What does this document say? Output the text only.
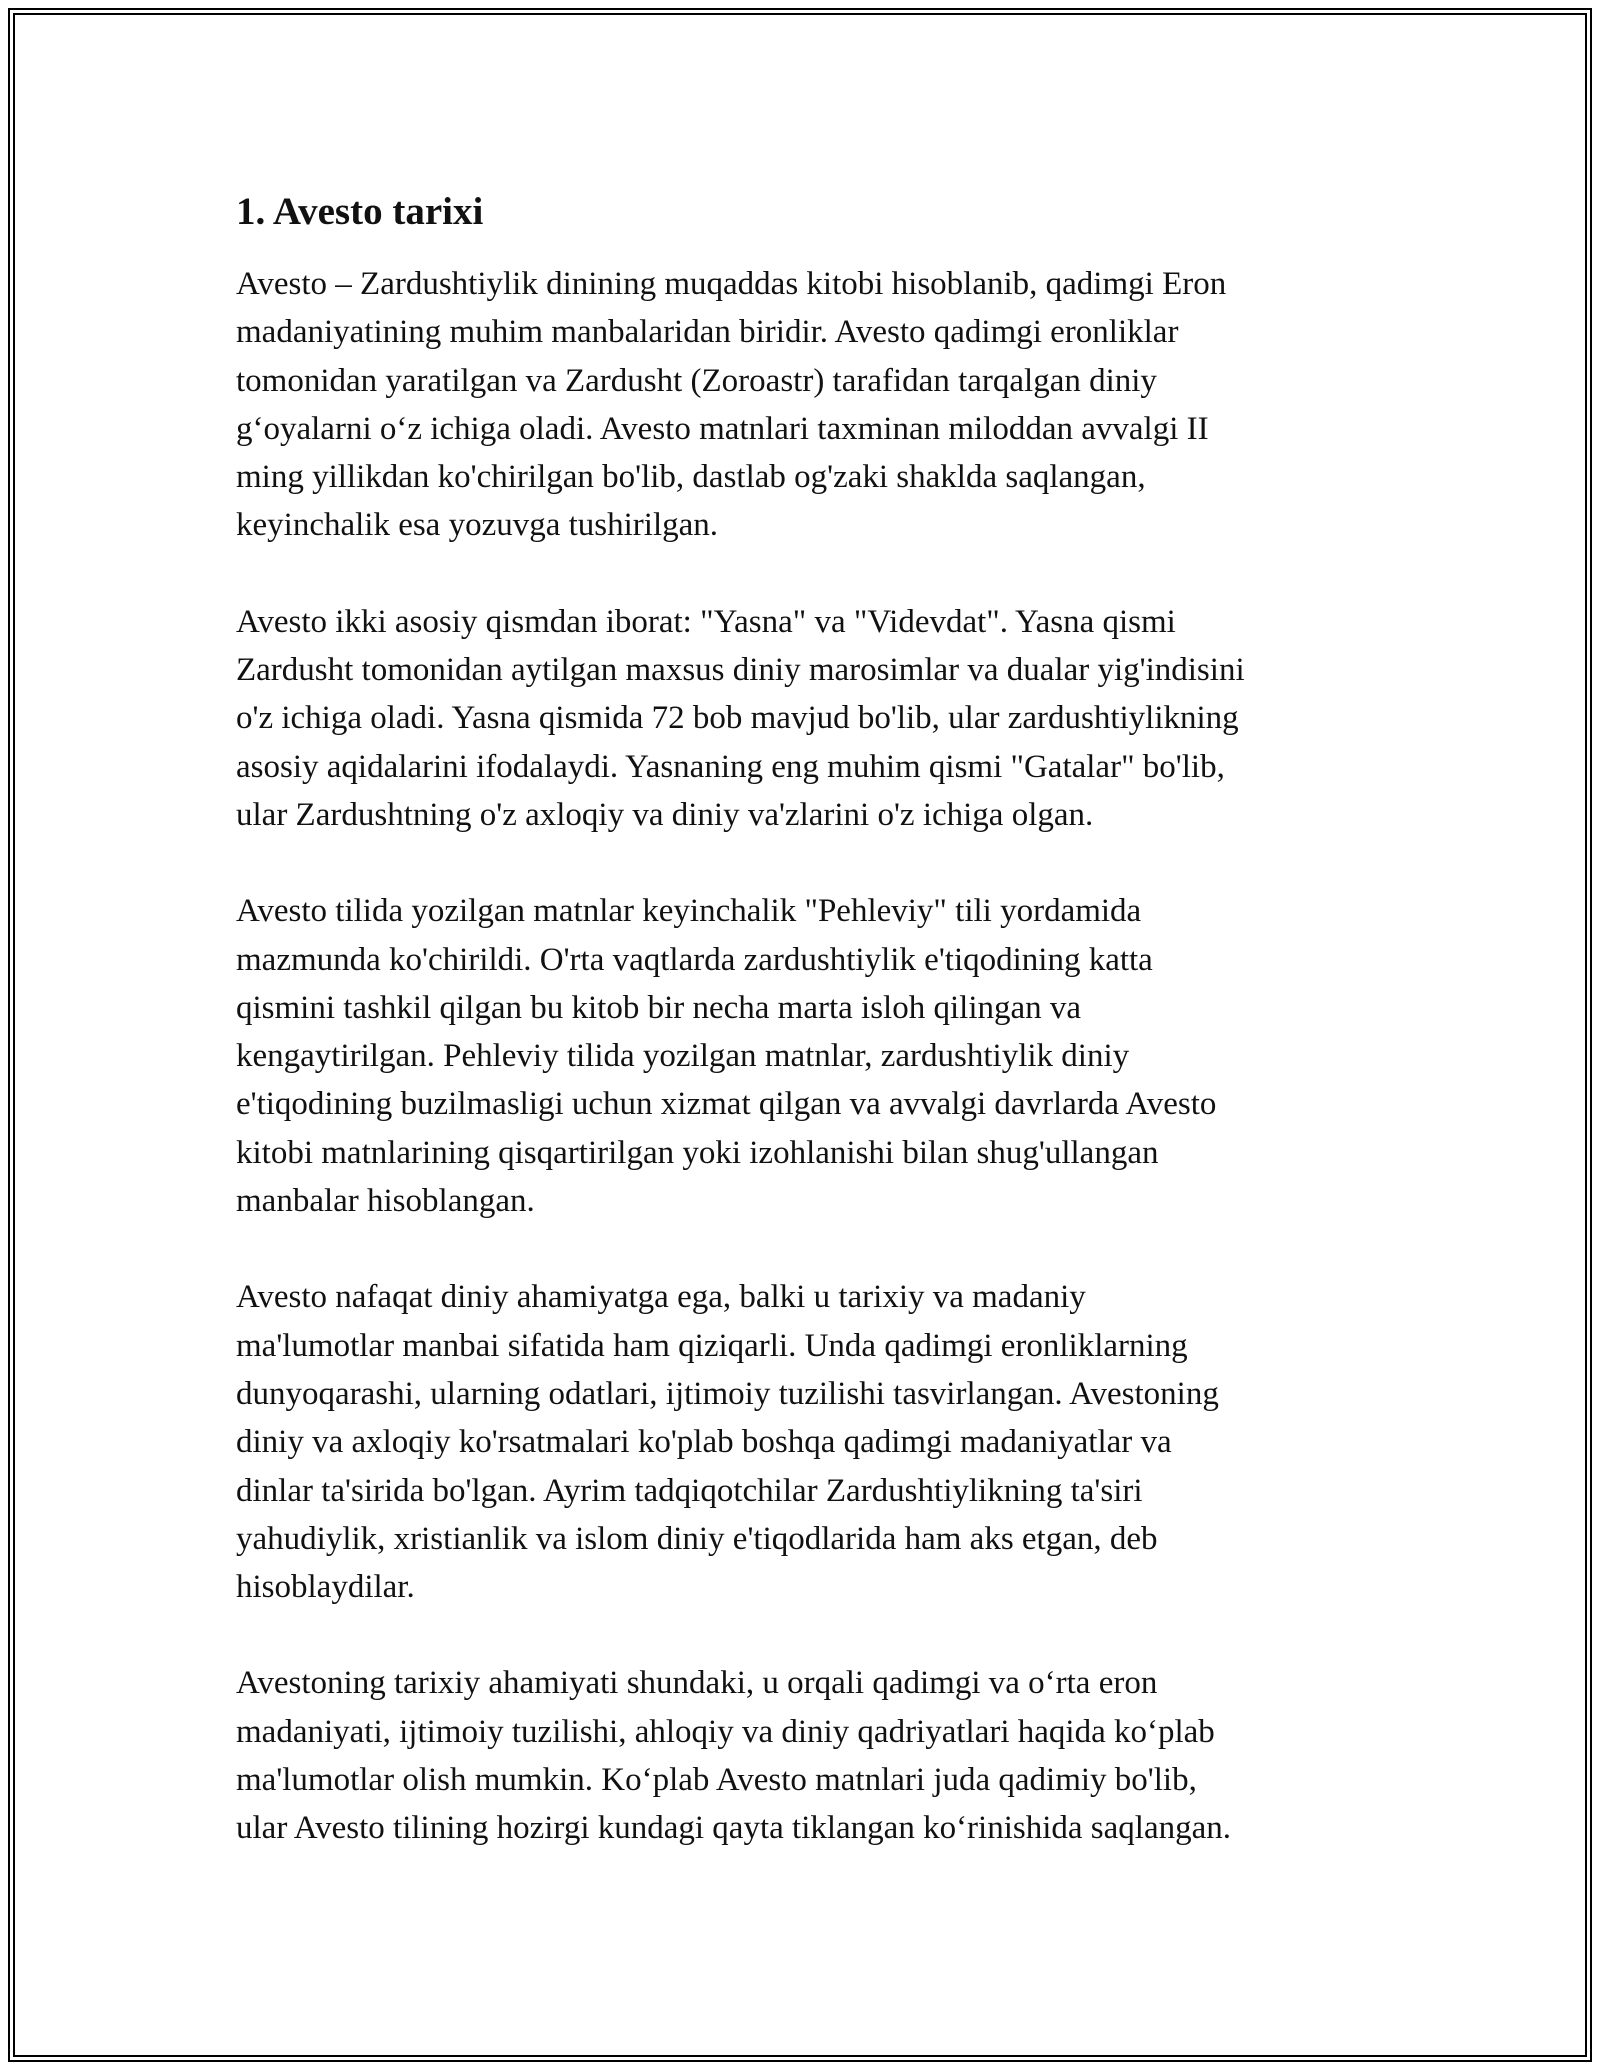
1. Avesto tarixi

Avesto – Zardushtiylik dinining muqaddas kitobi hisoblanib, qadimgi Eron
madaniyatining muhim manbalaridan biridir. Avesto qadimgi eronliklar
tomonidan yaratilgan va Zardusht (Zoroastr) tarafidan tarqalgan diniy
g‘oyalarni o‘z ichiga oladi. Avesto matnlari taxminan miloddan avvalgi II
ming yillikdan ko'chirilgan bo'lib, dastlab og'zaki shaklda saqlangan,
keyinchalik esa yozuvga tushirilgan.

Avesto ikki asosiy qismdan iborat: "Yasna" va "Videvdat". Yasna qismi
Zardusht tomonidan aytilgan maxsus diniy marosimlar va dualar yig'indisini
o'z ichiga oladi. Yasna qismida 72 bob mavjud bo'lib, ular zardushtiylikning
asosiy aqidalarini ifodalaydi. Yasnaning eng muhim qismi "Gatalar" bo'lib,
ular Zardushtning o'z axloqiy va diniy va'zlarini o'z ichiga olgan.

Avesto tilida yozilgan matnlar keyinchalik "Pehleviy" tili yordamida
mazmunda ko'chirildi. O'rta vaqtlarda zardushtiylik e'tiqodining katta
qismini tashkil qilgan bu kitob bir necha marta isloh qilingan va
kengaytirilgan. Pehleviy tilida yozilgan matnlar, zardushtiylik diniy
e'tiqodining buzilmasligi uchun xizmat qilgan va avvalgi davrlarda Avesto
kitobi matnlarining qisqartirilgan yoki izohlanishi bilan shug'ullangan
manbalar hisoblangan.

Avesto nafaqat diniy ahamiyatga ega, balki u tarixiy va madaniy
ma'lumotlar manbai sifatida ham qiziqarli. Unda qadimgi eronliklarning
dunyoqarashi, ularning odatlari, ijtimoiy tuzilishi tasvirlangan. Avestoning
diniy va axloqiy ko'rsatmalari ko'plab boshqa qadimgi madaniyatlar va
dinlar ta'sirida bo'lgan. Ayrim tadqiqotchilar Zardushtiylikning ta'siri
yahudiylik, xristianlik va islom diniy e'tiqodlarida ham aks etgan, deb
hisoblaydilar.

Avestoning tarixiy ahamiyati shundaki, u orqali qadimgi va o‘rta eron
madaniyati, ijtimoiy tuzilishi, ahloqiy va diniy qadriyatlari haqida ko‘plab
ma'lumotlar olish mumkin. Ko‘plab Avesto matnlari juda qadimiy bo'lib,
ular Avesto tilining hozirgi kundagi qayta tiklangan ko‘rinishida saqlangan.
